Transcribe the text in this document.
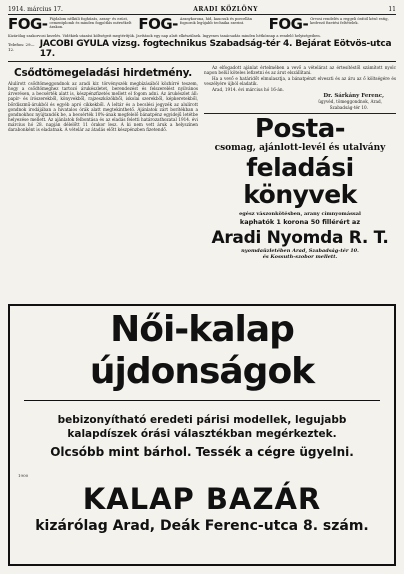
1914. március 17.	ARADI KÖZLÖNY	11
FOG- Fájdalom nélküli foghúzás, arany- és ezüst, cementplomb és minden fogpótlás mérsékelt árakon.	FOG- Aranykorona, híd, kaucsuk és porcellán fogsorok legújabb technika szerint.	FOG- Orvosi rendelés a reggeli órától késő estig, kedvező fizetési feltételek.
Kizárólag szakorvosi kezelés. Vidékiek utazási költségeit megtérítjük. Javítások egy nap alatt elkészülnek. Ingyenes tanácsadás minden hétköznap a rendelő helyiségeiben.
Telefon: 29—12.
JACOBI GYULA vizsg. fogtechnikus Szabadság-tér 4. Bejárat Eötvös-utca 17.
Csődtömegeladási hirdetmény.
Alulírott csődtömeggondnok az aradi kir. törvényszék megbízásából közhírré teszem, hogy a csődtömeghez tartozó árukészletet, berendezést és felszerelést nyilvános árverésen, a becsérték alatt is, készpénzfizetés mellett el fogom adni. Az árukészlet áll: papír- és írószerekből, könyvekből, rajzeszközökből, iskolai szerekből, képkeretekből, bőrdíszmű-árukból és egyéb apró cikkekből. A leltár és a becslési jegyzék az alulírott gondnok irodájában a hivatalos órák alatt megtekinthető. Ajánlatok zárt borítékban a gondnokhoz nyújtandók be, a becsérték 10%-ának megfelelő bánatpénz egyidejű letétbe helyezése mellett. Az ajánlatok felbontása és az eladás feletti határozathozatal 1914. évi március hó 28. napján délelőtt 11 órakor lesz. A ki nem vett áruk a helyszínen darabonként is eladatnak. A vételár az átadás előtt készpénzben fizetendő.

Az elfogadott ajánlat értelmében a vevő a vételárat az értesítéstől számított nyolc napon belül köteles lefizetni és az árut elszállítani.

Ha a vevő e határidőt elmulasztja, a bánatpénzt elveszti és az áru az ő költségére és veszélyére újból eladatik.

Arad, 1914. évi március hó 16-án.

Dr. Sárkány Ferenc,

ügyvéd, tömeggondnok, Arad,

Szabadság-tér 10.

Posta-
csomag, ajánlott-levél és utalvány
feladási könyvek
egész vászonkötésben, arany címnyomással
kaphatók 1 korona 50 fillérért az
Aradi Nyomda R. T.
nyomdaüzletében Arad, Szabadság-tér 10.
és Kossuth-szobor mellett.
Női-kalap
újdonságok
bebizonyítható eredeti párisi modellek, legujabb
kalapdíszek órási választékban megérkeztek.
Olcsóbb mint bárhol. Tessék a cégre ügyelni.
1900
KALAP BAZÁR
kizárólag Arad, Deák Ferenc-utca 8. szám.
